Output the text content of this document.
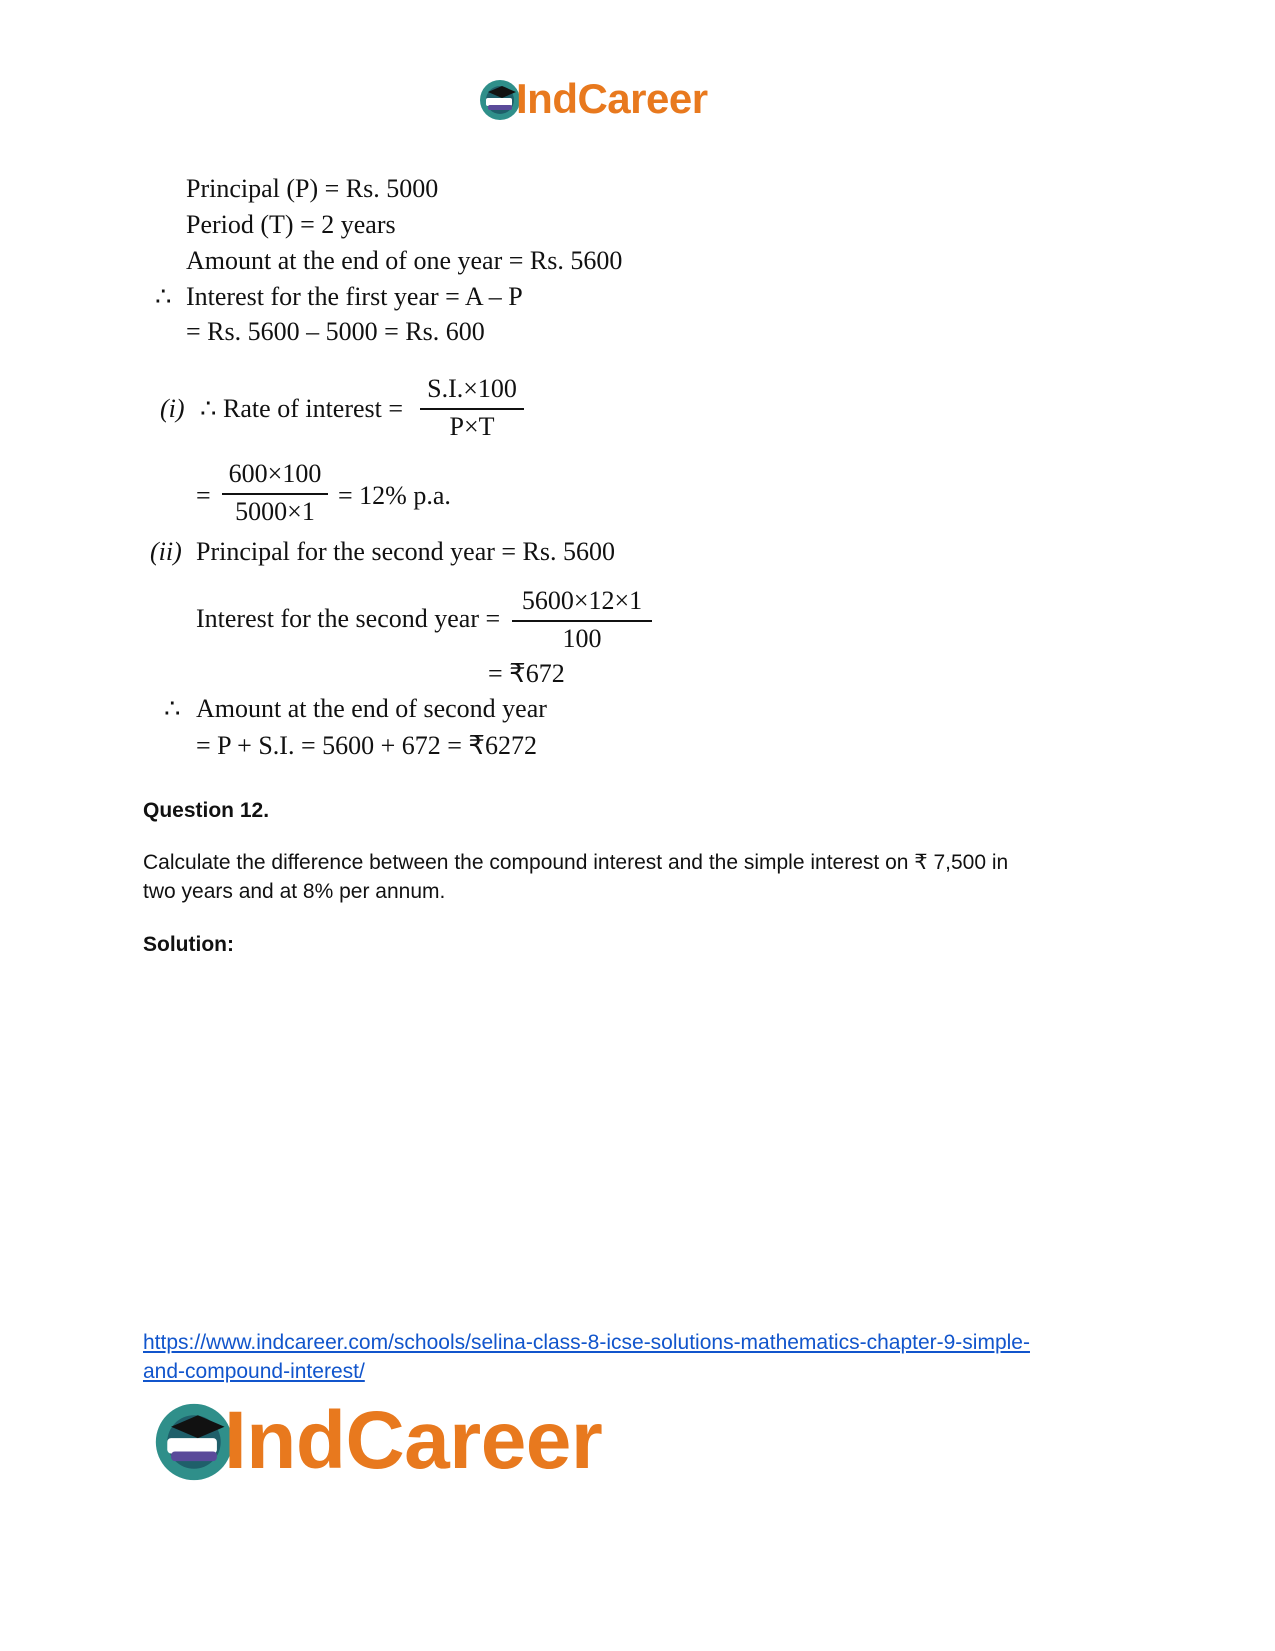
IndCareer
Principal (P) = Rs. 5000
Period (T) = 2 years
Amount at the end of one year = Rs. 5600
∴ Interest for the first year = A – P
= Rs. 5600 – 5000 = Rs. 600
(i) ∴ Rate of interest = $\frac{S.I.\times 100}{P\times T}$
= $\frac{600\times 100}{5000\times 1} = 12\%$ p.a.
(ii) Principal for the second year = Rs. 5600
Interest for the second year = $\frac{5600\times 12\times 1}{100}$
= ₹672
∴ Amount at the end of second year
= P + S.I. = 5600 + 672 = ₹6272
Question 12.
Calculate the difference between the compound interest and the simple interest on ₹ 7,500 in
two years and at 8% per annum.
Solution:
https://www.indcareer.com/schools/selina-class-8-icse-solutions-mathematics-chapter-9-simple-
and-compound-interest/
IndCareer
